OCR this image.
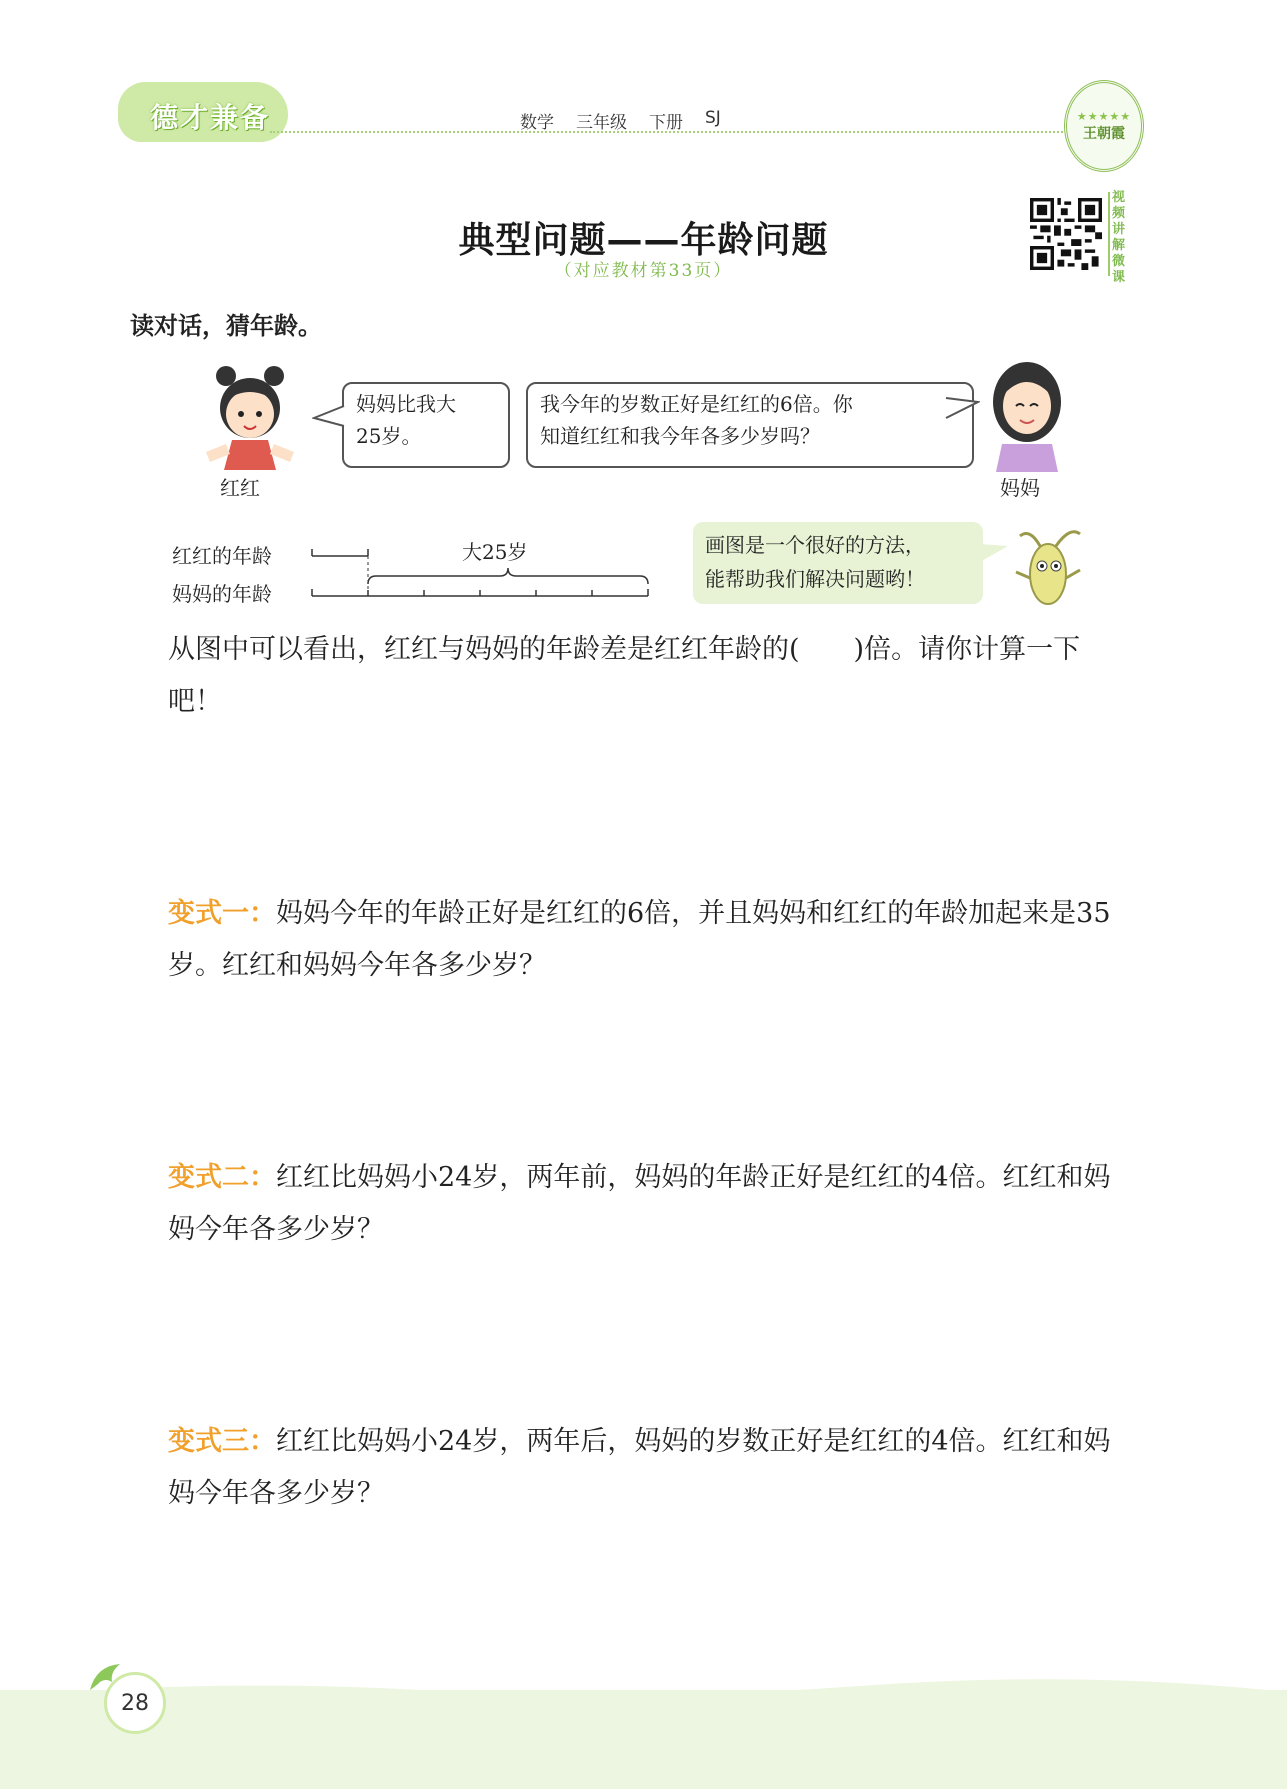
德才兼备	数学 三年级 下册 SJ	★★★★★
王朝霞
典型问题——年龄问题
（对应教材第33页）
视频讲解微课
读对话，猜年龄。
红红
妈妈比我大
25岁。
我今年的岁数正好是红红的6倍。你
知道红红和我今年各多少岁吗？
妈妈
红红的年龄
妈妈的年龄
大25岁	画图是一个很好的方法，
能帮助我们解决问题哟！
从图中可以看出，红红与妈妈的年龄差是红红年龄的(　　)倍。请你计算一下吧！
变式一：妈妈今年的年龄正好是红红的6倍，并且妈妈和红红的年龄加起来是35岁。红红和妈妈今年各多少岁？
变式二：红红比妈妈小24岁，两年前，妈妈的年龄正好是红红的4倍。红红和妈妈今年各多少岁？
变式三：红红比妈妈小24岁，两年后，妈妈的岁数正好是红红的4倍。红红和妈妈今年各多少岁？
28
